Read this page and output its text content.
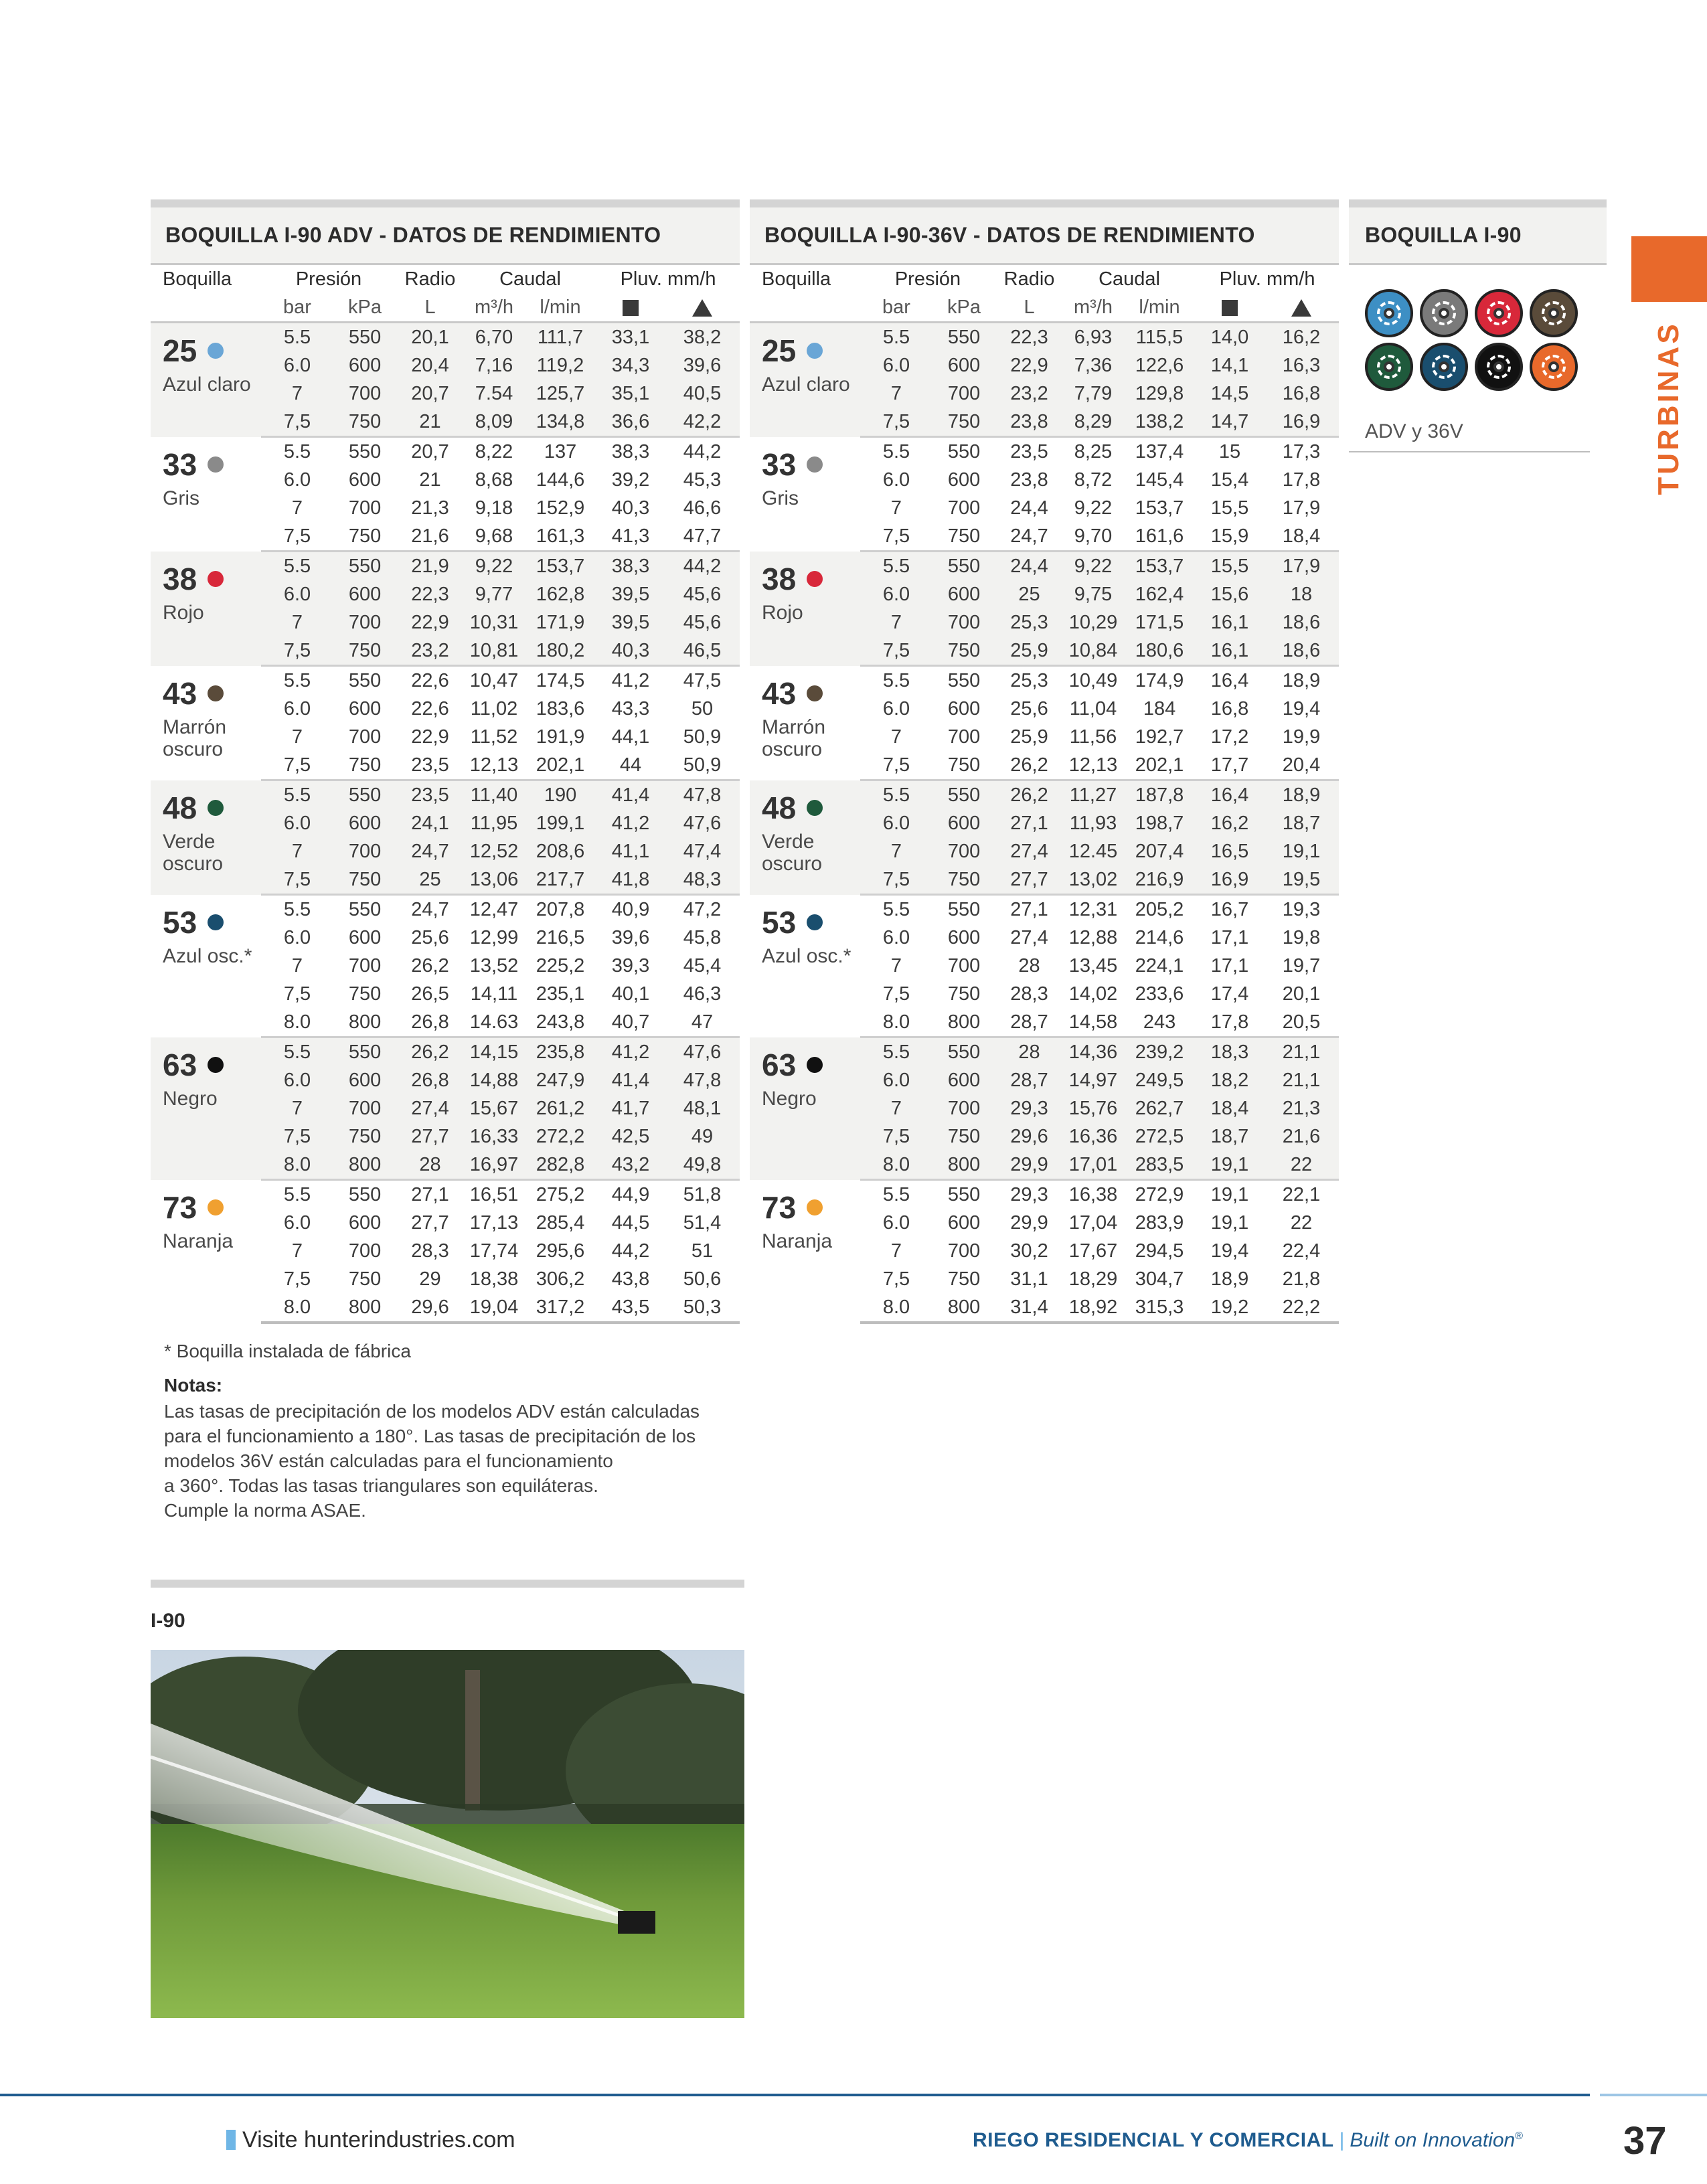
BOQUILLA I-90 ADV - DATOS DE RENDIMIENTO
Boquilla	Presión		Radio	Caudal		Pluv. mm/h	
	bar	kPa	L	m³/h	l/min		
25
Azul claro	5.5	550	20,1	6,70	111,7	33,1	38,2
	6.0	600	20,4	7,16	119,2	34,3	39,6
	7	700	20,7	7.54	125,7	35,1	40,5
	7,5	750	21	8,09	134,8	36,6	42,2
33
Gris	5.5	550	20,7	8,22	137	38,3	44,2
	6.0	600	21	8,68	144,6	39,2	45,3
	7	700	21,3	9,18	152,9	40,3	46,6
	7,5	750	21,6	9,68	161,3	41,3	47,7
38
Rojo	5.5	550	21,9	9,22	153,7	38,3	44,2
	6.0	600	22,3	9,77	162,8	39,5	45,6
	7	700	22,9	10,31	171,9	39,5	45,6
	7,5	750	23,2	10,81	180,2	40,3	46,5
43
Marrón oscuro	5.5	550	22,6	10,47	174,5	41,2	47,5
	6.0	600	22,6	11,02	183,6	43,3	50
	7	700	22,9	11,52	191,9	44,1	50,9
	7,5	750	23,5	12,13	202,1	44	50,9
48
Verde oscuro	5.5	550	23,5	11,40	190	41,4	47,8
	6.0	600	24,1	11,95	199,1	41,2	47,6
	7	700	24,7	12,52	208,6	41,1	47,4
	7,5	750	25	13,06	217,7	41,8	48,3
53
Azul osc.*	5.5	550	24,7	12,47	207,8	40,9	47,2
	6.0	600	25,6	12,99	216,5	39,6	45,8
	7	700	26,2	13,52	225,2	39,3	45,4
	7,5	750	26,5	14,11	235,1	40,1	46,3
	8.0	800	26,8	14.63	243,8	40,7	47
63
Negro	5.5	550	26,2	14,15	235,8	41,2	47,6
	6.0	600	26,8	14,88	247,9	41,4	47,8
	7	700	27,4	15,67	261,2	41,7	48,1
	7,5	750	27,7	16,33	272,2	42,5	49
	8.0	800	28	16,97	282,8	43,2	49,8
73
Naranja	5.5	550	27,1	16,51	275,2	44,9	51,8
	6.0	600	27,7	17,13	285,4	44,5	51,4
	7	700	28,3	17,74	295,6	44,2	51
	7,5	750	29	18,38	306,2	43,8	50,6
	8.0	800	29,6	19,04	317,2	43,5	50,3
BOQUILLA I-90-36V - DATOS DE RENDIMIENTO
Boquilla	Presión		Radio	Caudal		Pluv. mm/h	
	bar	kPa	L	m³/h	l/min		
25
Azul claro	5.5	550	22,3	6,93	115,5	14,0	16,2
	6.0	600	22,9	7,36	122,6	14,1	16,3
	7	700	23,2	7,79	129,8	14,5	16,8
	7,5	750	23,8	8,29	138,2	14,7	16,9
33
Gris	5.5	550	23,5	8,25	137,4	15	17,3
	6.0	600	23,8	8,72	145,4	15,4	17,8
	7	700	24,4	9,22	153,7	15,5	17,9
	7,5	750	24,7	9,70	161,6	15,9	18,4
38
Rojo	5.5	550	24,4	9,22	153,7	15,5	17,9
	6.0	600	25	9,75	162,4	15,6	18
	7	700	25,3	10,29	171,5	16,1	18,6
	7,5	750	25,9	10,84	180,6	16,1	18,6
43
Marrón oscuro	5.5	550	25,3	10,49	174,9	16,4	18,9
	6.0	600	25,6	11,04	184	16,8	19,4
	7	700	25,9	11,56	192,7	17,2	19,9
	7,5	750	26,2	12,13	202,1	17,7	20,4
48
Verde oscuro	5.5	550	26,2	11,27	187,8	16,4	18,9
	6.0	600	27,1	11,93	198,7	16,2	18,7
	7	700	27,4	12.45	207,4	16,5	19,1
	7,5	750	27,7	13,02	216,9	16,9	19,5
53
Azul osc.*	5.5	550	27,1	12,31	205,2	16,7	19,3
	6.0	600	27,4	12,88	214,6	17,1	19,8
	7	700	28	13,45	224,1	17,1	19,7
	7,5	750	28,3	14,02	233,6	17,4	20,1
	8.0	800	28,7	14,58	243	17,8	20,5
63
Negro	5.5	550	28	14,36	239,2	18,3	21,1
	6.0	600	28,7	14,97	249,5	18,2	21,1
	7	700	29,3	15,76	262,7	18,4	21,3
	7,5	750	29,6	16,36	272,5	18,7	21,6
	8.0	800	29,9	17,01	283,5	19,1	22
73
Naranja	5.5	550	29,3	16,38	272,9	19,1	22,1
	6.0	600	29,9	17,04	283,9	19,1	22
	7	700	30,2	17,67	294,5	19,4	22,4
	7,5	750	31,1	18,29	304,7	18,9	21,8
	8.0	800	31,4	18,92	315,3	19,2	22,2
BOQUILLA I-90
ADV y 36V	TURBINAS
* Boquilla instalada de fábrica
Notas:
Las tasas de precipitación de los modelos ADV están calculadas
para el funcionamiento a 180°. Las tasas de precipitación de los
modelos 36V están calculadas para el funcionamiento
a 360°. Todas las tasas triangulares son equiláteras.
Cumple la norma ASAE.
I-90
Visite hunterindustries.com	RIEGO RESIDENCIAL Y COMERCIAL | Built on Innovation®	37
